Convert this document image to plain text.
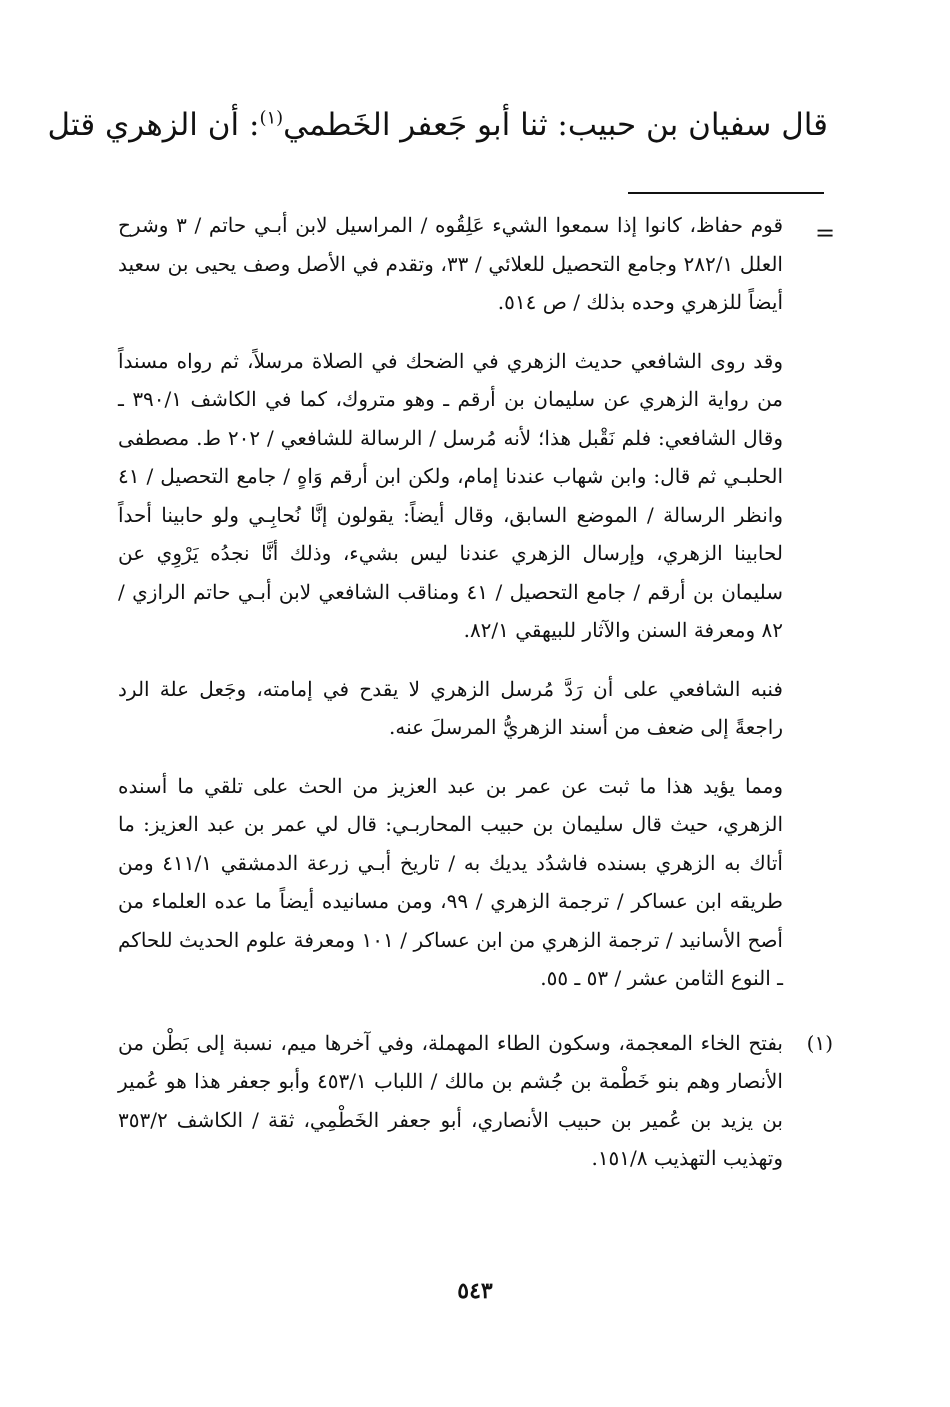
قال سفيان بن حبيب: ثنا أبو جَعفر الخَطمي$^{(١)}$: أن الزهري قتل
=

قوم حفاظ، كانوا إذا سمعوا الشيء عَلِقُوه / المراسيل لابن أبـي حاتم / ٣ وشرح العلل ٢٨٢/١ وجامع التحصيل للعلائي / ٣٣، وتقدم في الأصل وصف يحيى بن سعيد أيضاً للزهري وحده بذلك / ص ٥١٤.

وقد روى الشافعي حديث الزهري في الضحك في الصلاة مرسلاً، ثم رواه مسنداً من رواية الزهري عن سليمان بن أرقم ـ وهو متروك، كما في الكاشف ٣٩٠/١ ـ وقال الشافعي: فلم نَقْبل هذا؛ لأنه مُرسل / الرسالة للشافعي / ٢٠٢ ط. مصطفى الحلبـي ثم قال: وابن شهاب عندنا إمام، ولكن ابن أرقم وَاهٍ / جامع التحصيل / ٤١ وانظر الرسالة / الموضع السابق، وقال أيضاً: يقولون إنَّا نُحابِـي ولو حابينا أحداً لحابينا الزهري، وإرسال الزهري عندنا ليس بشيء، وذلك أنَّا نجدُه يَرْوِي عن سليمان بن أرقم / جامع التحصيل / ٤١ ومناقب الشافعي لابن أبـي حاتم الرازي / ٨٢ ومعرفة السنن والآثار للبيهقي ٨٢/١.

فنبه الشافعي على أن رَدَّ مُرسل الزهري لا يقدح في إمامته، وجَعل علة الرد راجعةً إلى ضعف من أسند الزهريُّ المرسلَ عنه.

ومما يؤيد هذا ما ثبت عن عمر بن عبد العزيز من الحث على تلقي ما أسنده الزهري، حيث قال سليمان بن حبيب المحاربـي: قال لي عمر بن عبد العزيز: ما أتاك به الزهري بسنده فاشدُد يديك به / تاريخ أبـي زرعة الدمشقي ٤١١/١ ومن طريقه ابن عساكر / ترجمة الزهري / ٩٩، ومن مسانيده أيضاً ما عده العلماء من أصح الأسانيد / ترجمة الزهري من ابن عساكر / ١٠١ ومعرفة علوم الحديث للحاكم ـ النوع الثامن عشر / ٥٣ ـ ٥٥.

(١)

بفتح الخاء المعجمة، وسكون الطاء المهملة، وفي آخرها ميم، نسبة إلى بَطْن من الأنصار وهم بنو خَطْمة بن جُشم بن مالك / اللباب ٤٥٣/١ وأبو جعفر هذا هو عُمير بن يزيد بن عُمير بن حبيب الأنصاري، أبو جعفر الخَطْمِي، ثقة / الكاشف ٣٥٣/٢ وتهذيب التهذيب ١٥١/٨.

٥٤٣
